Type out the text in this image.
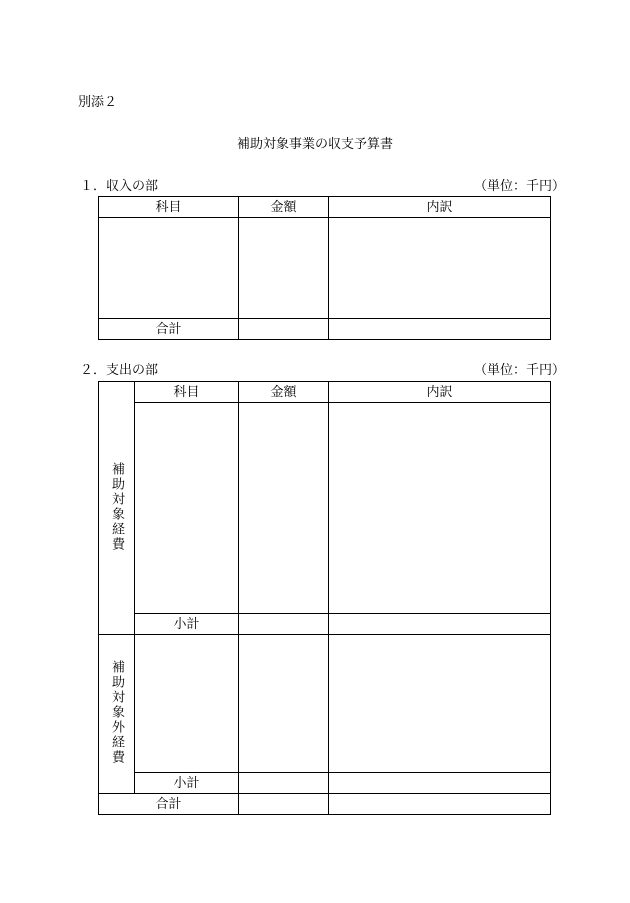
別添２
補助対象事業の収支予算書
１．収入の部	（単位：千円）
科目	金額	内訳

合計		
２．支出の部	（単位：千円）
補助対象経費	科目	金額	内訳

	小計		
補助対象外経費			
	小計		
合計			
